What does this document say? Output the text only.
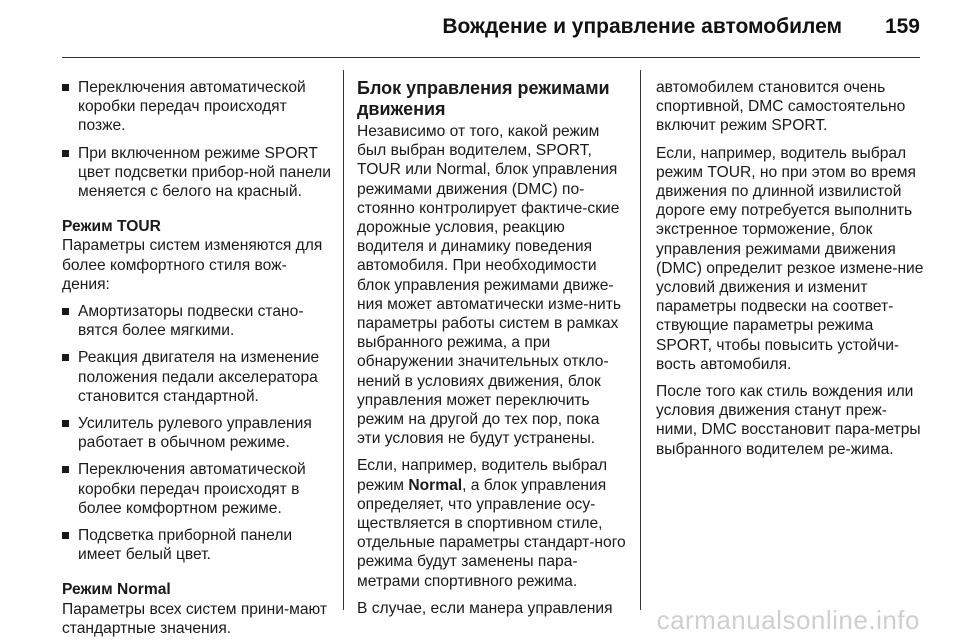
Вождение и управление автомобилем 159
Переключения автоматической коробки передач происходят позже.
При включенном режиме SPORT цвет подсветки прибор-ной панели меняется с белого на красный.
Режим TOUR

Параметры систем изменяются для более комфортного стиля вож-дения:

Амортизаторы подвески стано-вятся более мягкими.
Реакция двигателя на изменение положения педали акселератора становится стандартной.
Усилитель рулевого управления работает в обычном режиме.
Переключения автоматической коробки передач происходят в более комфортном режиме.
Подсветка приборной панели имеет белый цвет.
Режим Normal

Параметры всех систем прини-мают стандартные значения.

Блок управления режимами движения

Независимо от того, какой режим был выбран водителем, SPORT, TOUR или Normal, блок управления режимами движения (DMC) по-стоянно контролирует фактиче-ские дорожные условия, реакцию водителя и динамику поведения автомобиля. При необходимости блок управления режимами движе-ния может автоматически изме-нить параметры работы систем в рамках выбранного режима, а при обнаружении значительных откло-нений в условиях движения, блок управления может переключить режим на другой до тех пор, пока эти условия не будут устранены.

Если, например, водитель выбрал режим Normal, а блок управления определяет, что управление осу-ществляется в спортивном стиле, отдельные параметры стандарт-ного режима будут заменены пара-метрами спортивного режима.

В случае, если манера управления

автомобилем становится очень спортивной, DMC самостоятельно включит режим SPORT.

Если, например, водитель выбрал режим TOUR, но при этом во время движения по длинной извилистой дороге ему потребуется выполнить экстренное торможение, блок управления режимами движения (DMC) определит резкое измене-ние условий движения и изменит параметры подвески на соответ-ствующие параметры режима SPORT, чтобы повысить устойчи-вость автомобиля.

После того как стиль вождения или условия движения станут преж-ними, DMC восстановит пара-метры выбранного водителем ре-жима.

carmanualsonline.info
